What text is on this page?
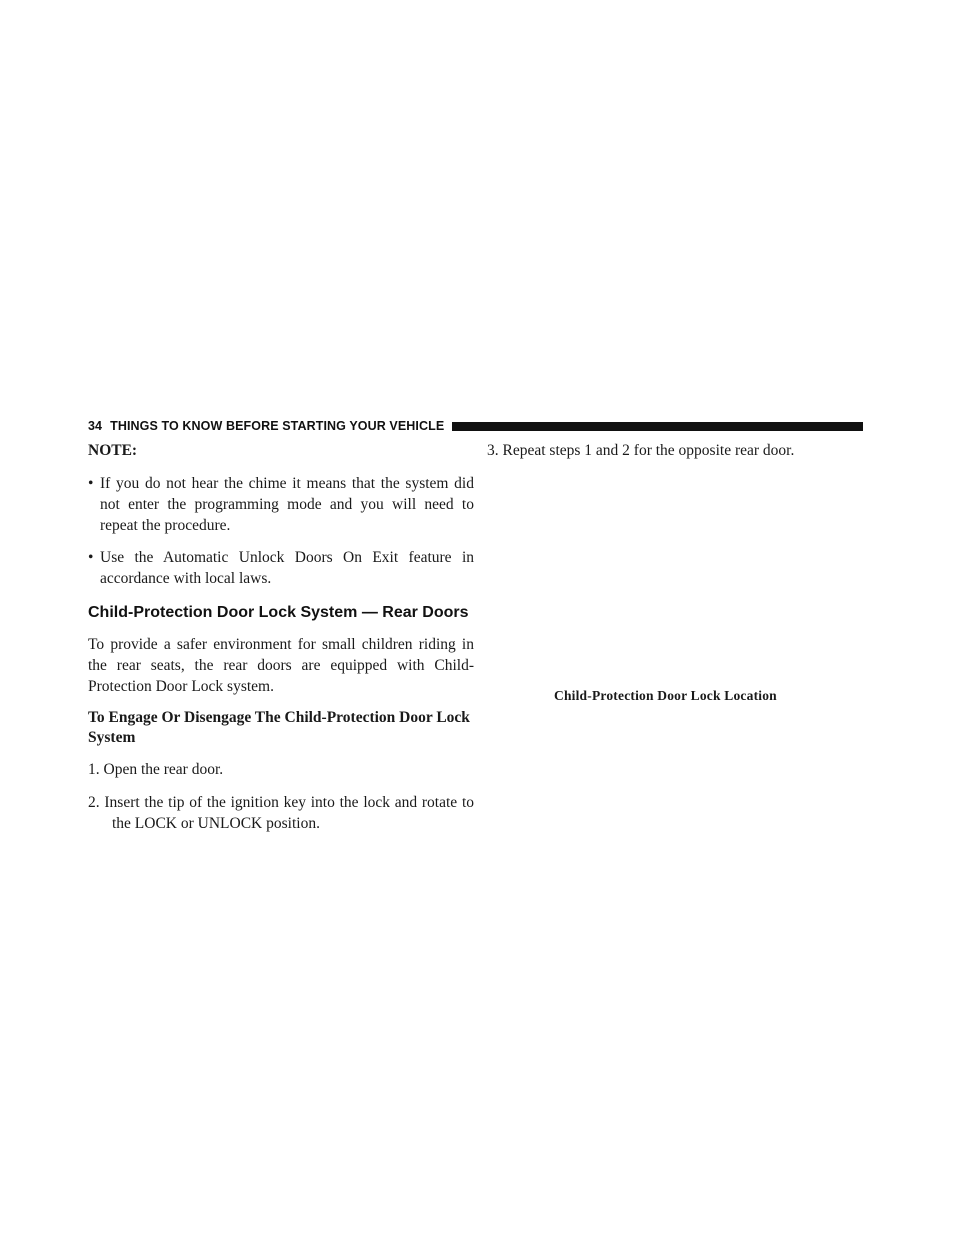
34 THINGS TO KNOW BEFORE STARTING YOUR VEHICLE

NOTE:

• If you do not hear the chime it means that the system did not enter the programming mode and you will need to repeat the procedure.
• Use the Automatic Unlock Doors On Exit feature in accordance with local laws.
Child-Protection Door Lock System — Rear Doors

To provide a safer environment for small children riding in the rear seats, the rear doors are equipped with Child-Protection Door Lock system.

To Engage Or Disengage The Child-Protection Door Lock System

1. Open the rear door.

2. Insert the tip of the ignition key into the lock and rotate to the LOCK or UNLOCK position.

3. Repeat steps 1 and 2 for the opposite rear door.

Child-Protection Door Lock Location
